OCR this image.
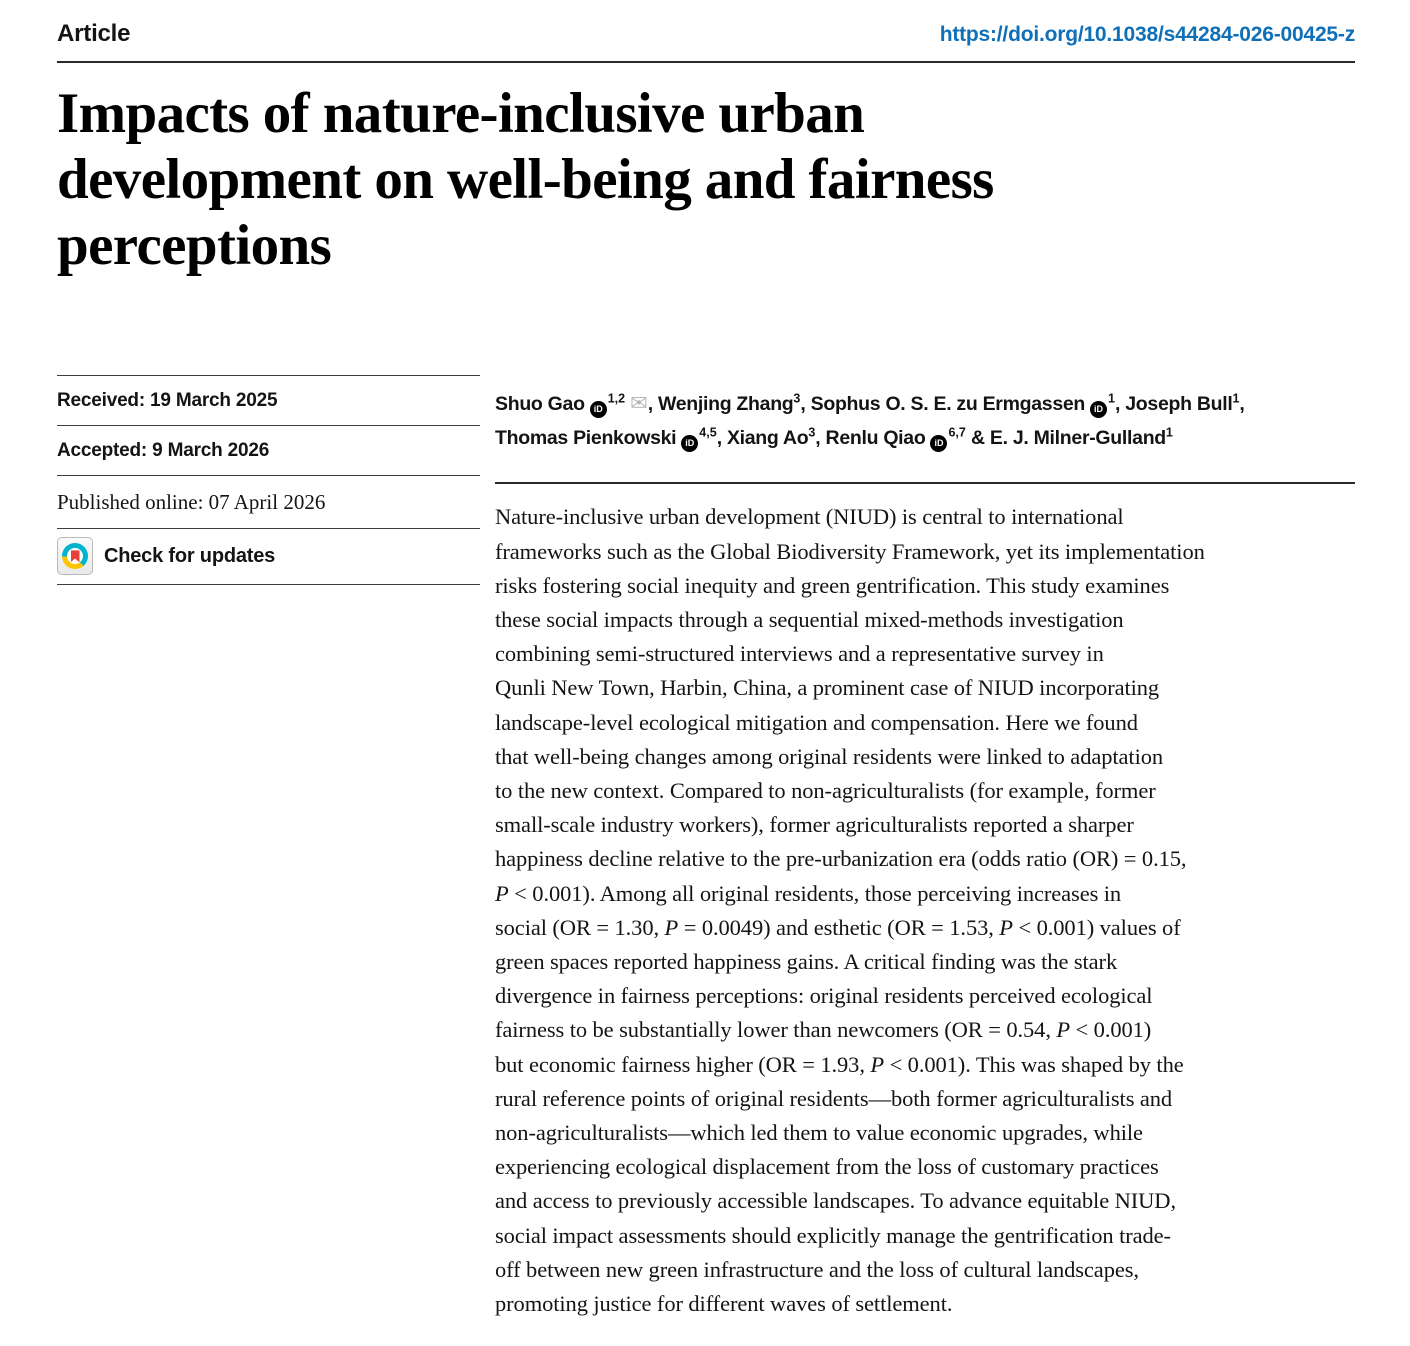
Article	https://doi.org/10.1038/s44284-026-00425-z
Impacts of nature-inclusive urban
development on well-being and fairness
perceptions
Received: 19 March 2025
Accepted: 9 March 2026
Published online: 07 April 2026
Check for updates
Shuo Gao iD$^{1,2}$ ✉, Wenjing Zhang$^3$, Sophus O. S. E. zu Ermgassen $iD^1$, Joseph Bull$^1$,
Thomas Pienkowski iD$^{4,5}$, Xiang Ao$^3$, Renlu Qiao iD$^{6,7}$ & E. J. Milner-Gulland$^1$
Nature-inclusive urban development (NIUD) is central to international
frameworks such as the Global Biodiversity Framework, yet its implementation
risks fostering social inequity and green gentrification. This study examines
these social impacts through a sequential mixed-methods investigation
combining semi-structured interviews and a representative survey in
Qunli New Town, Harbin, China, a prominent case of NIUD incorporating
landscape-level ecological mitigation and compensation. Here we found
that well-being changes among original residents were linked to adaptation
to the new context. Compared to non-agriculturalists (for example, former
small-scale industry workers), former agriculturalists reported a sharper
happiness decline relative to the pre-urbanization era (odds ratio (OR) = 0.15,
P < 0.001). Among all original residents, those perceiving increases in
social (OR = 1.30, P = 0.0049) and esthetic (OR = 1.53, P < 0.001) values of
green spaces reported happiness gains. A critical finding was the stark
divergence in fairness perceptions: original residents perceived ecological
fairness to be substantially lower than newcomers (OR = 0.54, P < 0.001)
but economic fairness higher (OR = 1.93, P < 0.001). This was shaped by the
rural reference points of original residents—both former agriculturalists and
non-agriculturalists—which led them to value economic upgrades, while
experiencing ecological displacement from the loss of customary practices
and access to previously accessible landscapes. To advance equitable NIUD,
social impact assessments should explicitly manage the gentrification trade-
off between new green infrastructure and the loss of cultural landscapes,
promoting justice for different waves of settlement.
